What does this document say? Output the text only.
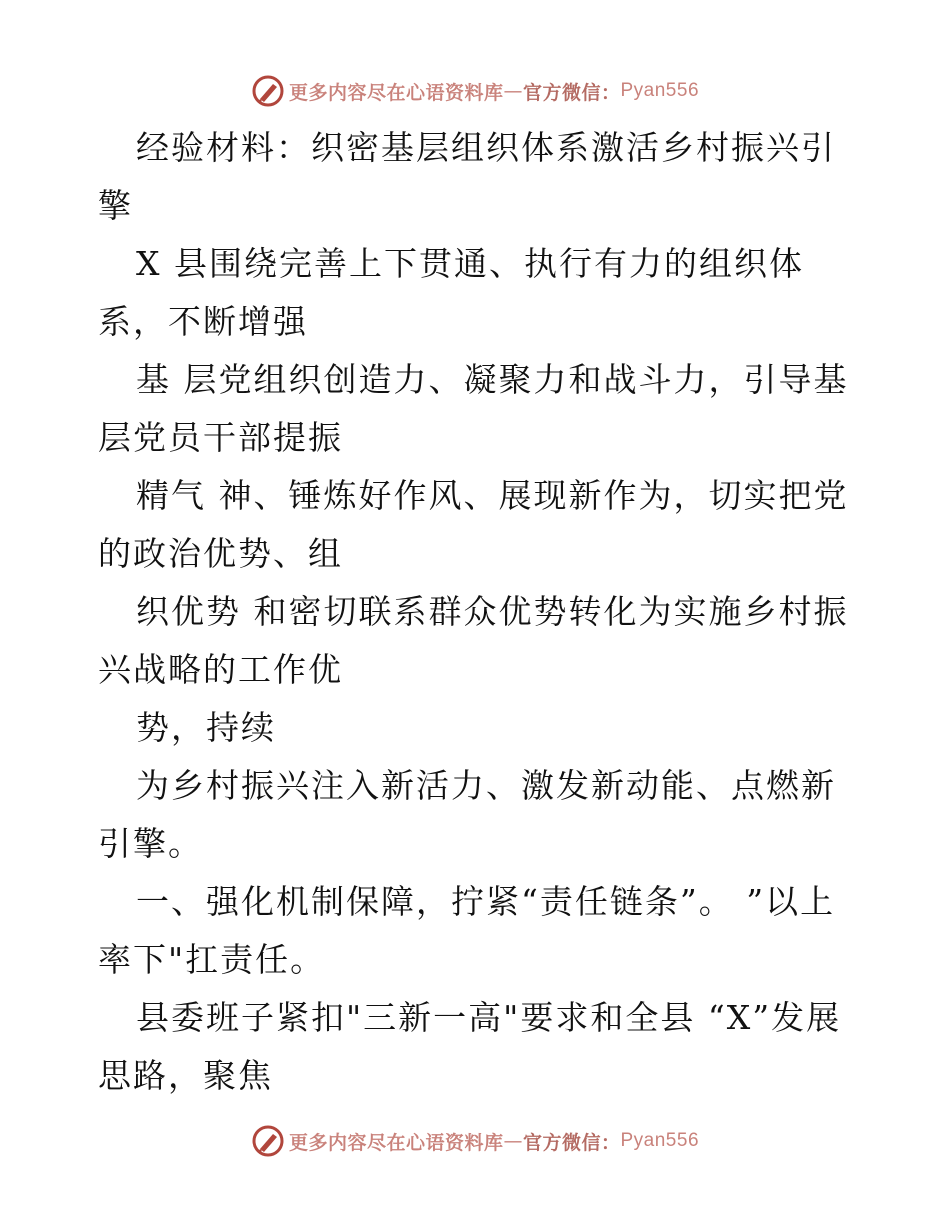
更多内容尽在心语资料库 — 官方微信： Pyan556

经验材料：织密基层组织体系激活乡村振兴引擎

X 县围绕完善上下贯通、执行有力的组织体系，不断增强

基 层党组织创造力、凝聚力和战斗力，引导基层党员干部提振

精气 神、锤炼好作风、展现新作为，切实把党的政治优势、组

织优势 和密切联系群众优势转化为实施乡村振兴战略的工作优

势，持续

为乡村振兴注入新活力、激发新动能、点燃新引擎。

一、强化机制保障，拧紧“责任链条”。 ”以上率下"扛责任。

县委班子紧扣"三新一高"要求和全县 “X”发展思路，聚焦

更多内容尽在心语资料库 — 官方微信： Pyan556
